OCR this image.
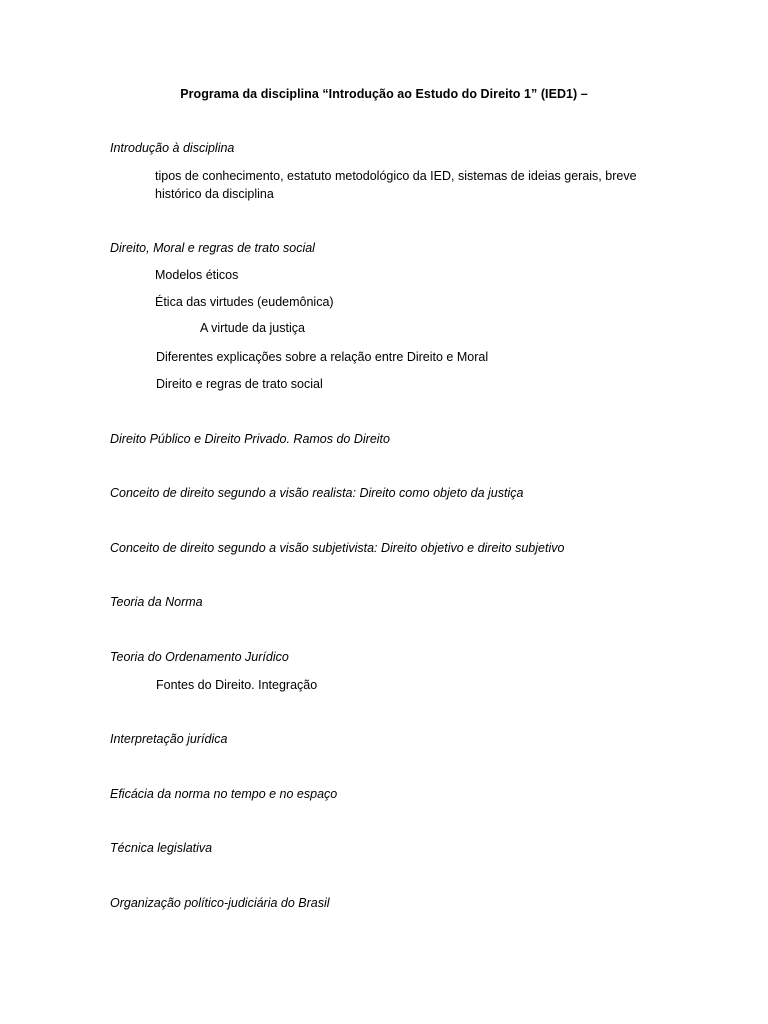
Programa da disciplina “Introdução ao Estudo do Direito 1” (IED1) –

Introdução à disciplina

tipos de conhecimento, estatuto metodológico da IED, sistemas de ideias gerais, breve histórico da disciplina

Direito, Moral e regras de trato social

Modelos éticos

Ética das virtudes (eudemônica)

A virtude da justiça

Diferentes explicações sobre a relação entre Direito e Moral

Direito e regras de trato social

Direito Público e Direito Privado. Ramos do Direito

Conceito de direito segundo a visão realista: Direito como objeto da justiça

Conceito de direito segundo a visão subjetivista: Direito objetivo e direito subjetivo

Teoria da Norma

Teoria do Ordenamento Jurídico

Fontes do Direito. Integração

Interpretação jurídica

Eficácia da norma no tempo e no espaço

Técnica legislativa

Organização político-judiciária do Brasil
